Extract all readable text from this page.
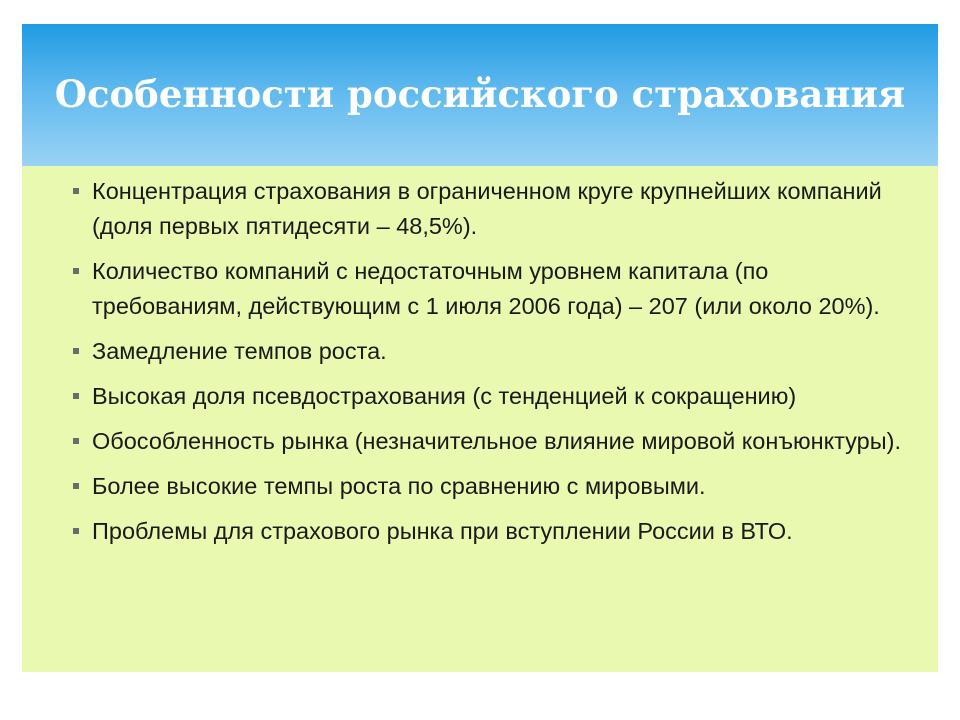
Особенности российского страхования
Концентрация страхования в ограниченном круге крупнейших компаний (доля первых пятидесяти – 48,5%).
Количество компаний с недостаточным уровнем капитала (по требованиям, действующим с 1 июля 2006 года) – 207 (или около 20%).
Замедление темпов роста.
Высокая доля псевдострахования (с тенденцией к сокращению)
Обособленность рынка (незначительное влияние мировой конъюнктуры).
Более высокие темпы роста по сравнению с мировыми.
Проблемы для страхового рынка при вступлении России в ВТО.
